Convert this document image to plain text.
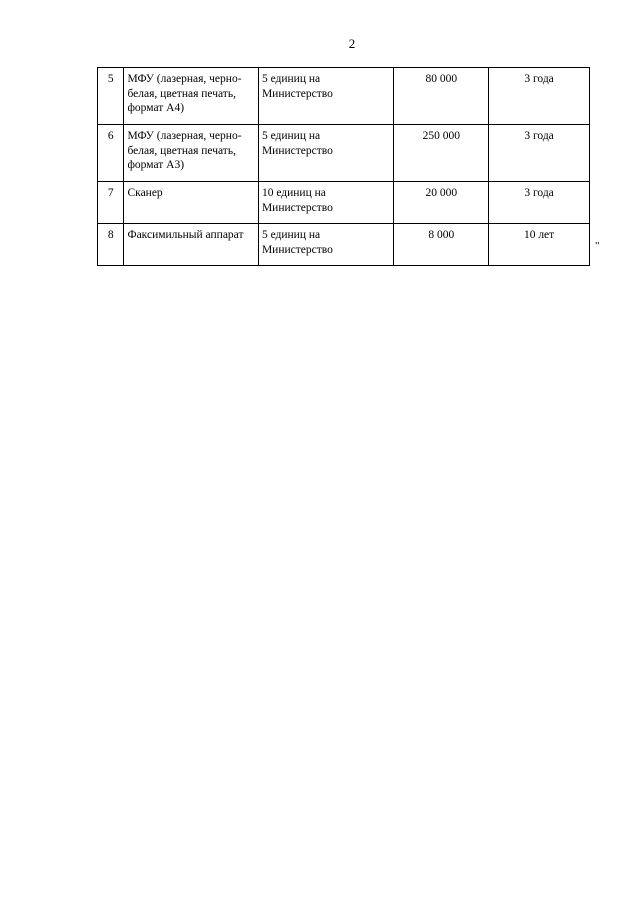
2
5	МФУ (лазерная, черно-белая, цветная печать, формат А4)	5 единиц на Министерство	80 000	3 года
6	МФУ (лазерная, черно-белая, цветная печать, формат А3)	5 единиц на Министерство	250 000	3 года
7	Сканер	10 единиц на Министерство	20 000	3 года
8	Факсимильный аппарат	5 единиц на Министерство	8 000	10 лет
"
